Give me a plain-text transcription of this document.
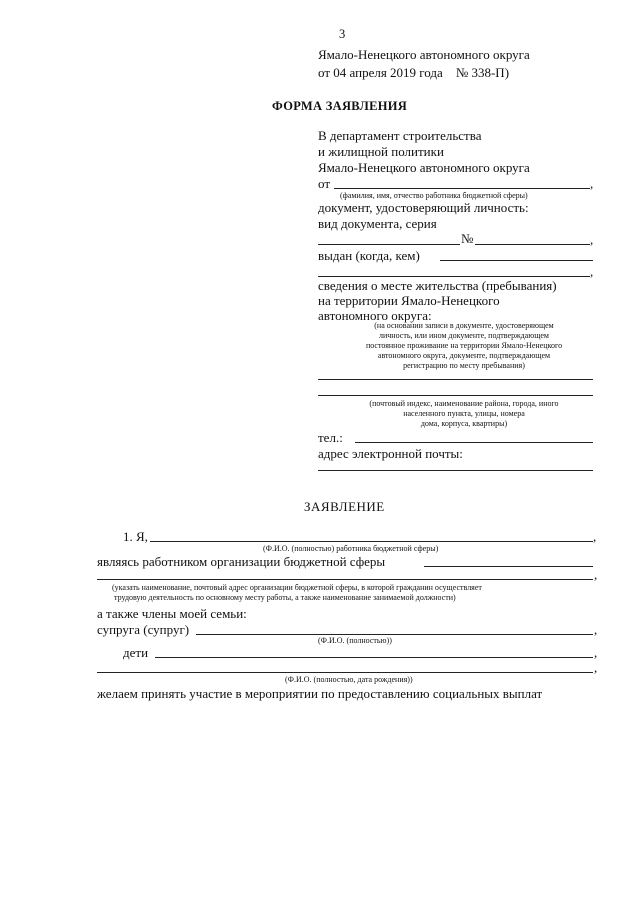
3
Ямало-Ненецкого автономного округа
от 04 апреля 2019 года    № 338-П)
ФОРМА ЗАЯВЛЕНИЯ
В департамент строительства
и жилищной политики
Ямало-Ненецкого автономного округа
от	,
(фамилия, имя, отчество работника бюджетной сферы)
документ, удостоверяющий личность:
вид документа, серия
№	,
выдан (когда, кем)
,
сведения о месте жительства (пребывания)
на территории Ямало-Ненецкого
автономного округа:
(на основании записи в документе, удостоверяющем
личность, или ином документе, подтверждающем
постоянное проживание на территории Ямало-Ненецкого
автономного округа, документе, подтверждающем
регистрацию по месту пребывания)
(почтовый индекс, наименование района, города, иного
населенного пункта, улицы, номера
дома, корпуса, квартиры)
тел.:
адрес электронной почты:
ЗАЯВЛЕНИЕ
1. Я,	,
(Ф.И.О. (полностью) работника бюджетной сферы)
являясь работником организации бюджетной сферы
,
(указать наименование, почтовый адрес организации бюджетной сферы, в которой гражданин осуществляет
трудовую деятельность по основному месту работы, а также наименование занимаемой должности)
а также члены моей семьи:
супруга (супруг)	,
(Ф.И.О. (полностью))
дети	,
,
(Ф.И.О. (полностью, дата рождения))
желаем принять участие в мероприятии по предоставлению социальных выплат
